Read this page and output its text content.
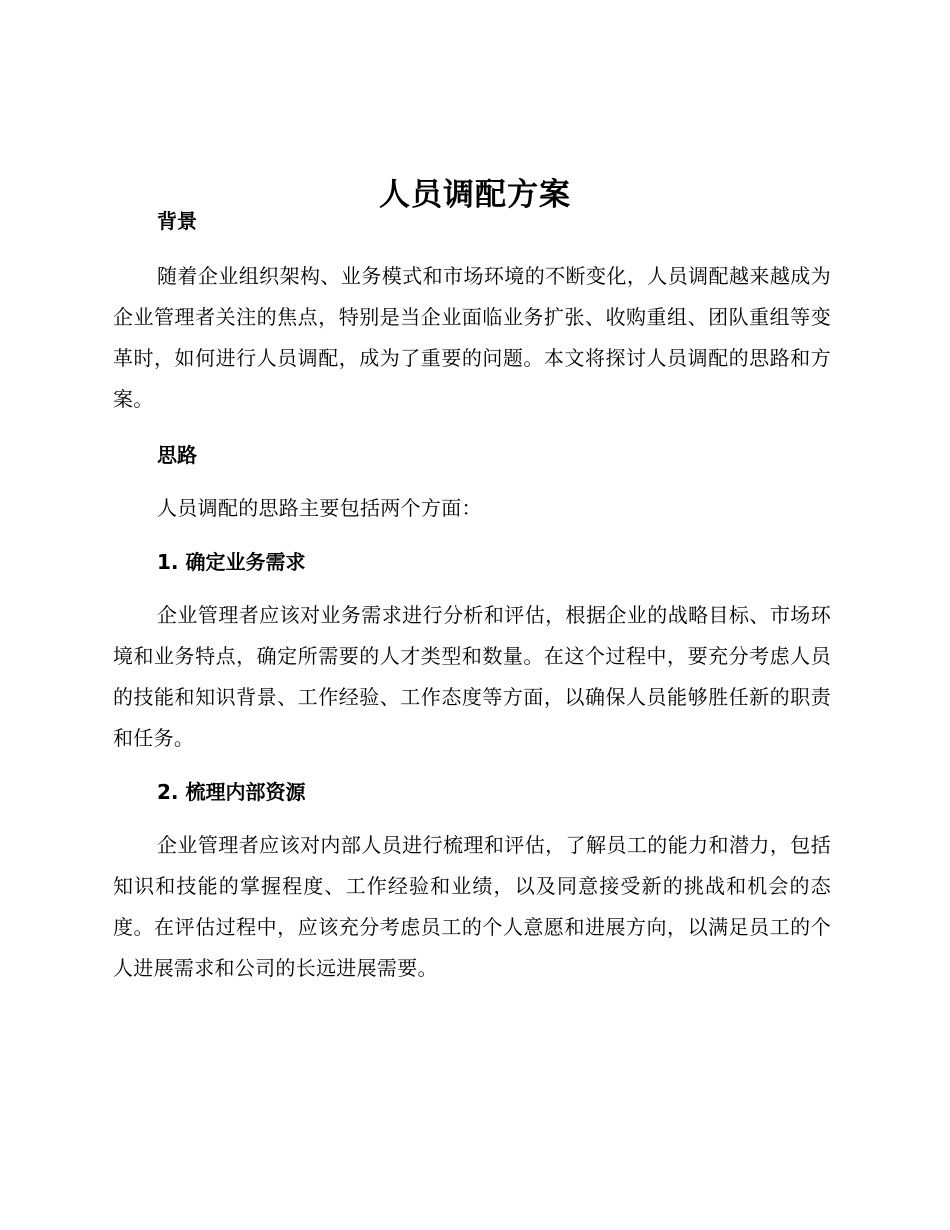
人员调配方案
背景

随着企业组织架构、业务模式和市场环境的不断变化，人员调配越来越成为企业管理者关注的焦点，特别是当企业面临业务扩张、收购重组、团队重组等变革时，如何进行人员调配，成为了重要的问题。本文将探讨人员调配的思路和方案。

思路

人员调配的思路主要包括两个方面：

1. 确定业务需求

企业管理者应该对业务需求进行分析和评估，根据企业的战略目标、市场环境和业务特点，确定所需要的人才类型和数量。在这个过程中，要充分考虑人员的技能和知识背景、工作经验、工作态度等方面，以确保人员能够胜任新的职责和任务。

2. 梳理内部资源

企业管理者应该对内部人员进行梳理和评估，了解员工的能力和潜力，包括知识和技能的掌握程度、工作经验和业绩，以及同意接受新的挑战和机会的态度。在评估过程中，应该充分考虑员工的个人意愿和进展方向，以满足员工的个人进展需求和公司的长远进展需要。
